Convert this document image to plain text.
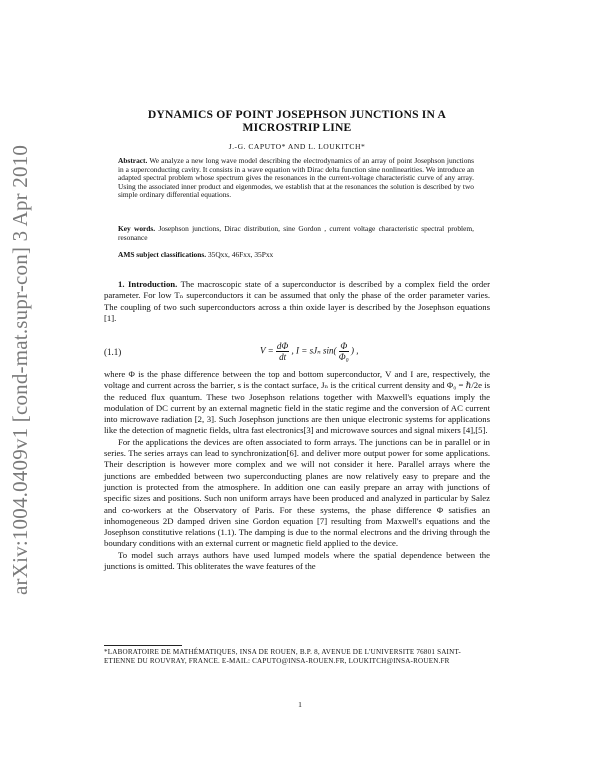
arXiv:1004.0409v1 [cond-mat.supr-con] 3 Apr 2010
DYNAMICS OF POINT JOSEPHSON JUNCTIONS IN A
MICROSTRIP LINE
J.-G. CAPUTO* AND L. LOUKITCH*
Abstract. We analyze a new long wave model describing the electrodynamics of an array of point Josephson junctions in a superconducting cavity. It consists in a wave equation with Dirac delta function sine nonlinearities. We introduce an adapted spectral problem whose spectrum gives the resonances in the current-voltage characteristic curve of any array. Using the associated inner product and eigenmodes, we establish that at the resonances the solution is described by two simple ordinary differential equations.
Key words. Josephson junctions, Dirac distribution, sine Gordon , current voltage characteristic spectral problem, resonance
AMS subject classifications. 35Qxx, 46Fxx, 35Pxx

1. Introduction. The macroscopic state of a superconductor is described by a complex field the order parameter. For low Tₙ superconductors it can be assumed that only the phase of the order parameter varies. The coupling of two such superconductors across a thin oxide layer is described by the Josephson equations [1].

(1.1)	$V = \frac{d\Phi}{dt}$ , I = sJₙ $\sin( \frac{\Phi}{\text{Φ₀}}$ ) ,

where Φ is the phase difference between the top and bottom superconductor, V and I are, respectively, the voltage and current across the barrier, s is the contact surface, Jₙ is the critical current density and Φ₀ = ℏ/2e is the reduced flux quantum. These two Josephson relations together with Maxwell's equations imply the modulation of DC current by an external magnetic field in the static regime and the conversion of AC current into microwave radiation [2, 3]. Such Josephson junctions are then unique electronic systems for applications like the detection of magnetic fields, ultra fast electronics[3] and microwave sources and signal mixers [4],[5].

For the applications the devices are often associated to form arrays. The junctions can be in parallel or in series. The series arrays can lead to synchronization[6]. and deliver more output power for some applications. Their description is however more complex and we will not consider it here. Parallel arrays where the junctions are embedded between two superconducting planes are now relatively easy to prepare and the junction is protected from the atmosphere. In addition one can easily prepare an array with junctions of specific sizes and positions. Such non uniform arrays have been produced and analyzed in particular by Salez and co-workers at the Observatory of Paris. For these systems, the phase difference Φ satisfies an inhomogeneous 2D damped driven sine Gordon equation [7] resulting from Maxwell's equations and the Josephson constitutive relations (1.1). The damping is due to the normal electrons and the driving through the boundary conditions with an external current or magnetic field applied to the device.

To model such arrays authors have used lumped models where the spatial dependence between the junctions is omitted. This obliterates the wave features of the

*LABORATOIRE DE MATHÉMATIQUES, INSA DE ROUEN, B.P. 8, AVENUE DE L'UNIVERSITE 76801 SAINT-ETIENNE DU ROUVRAY, FRANCE. E-MAIL: CAPUTO@INSA-ROUEN.FR, LOUKITCH@INSA-ROUEN.FR
1
